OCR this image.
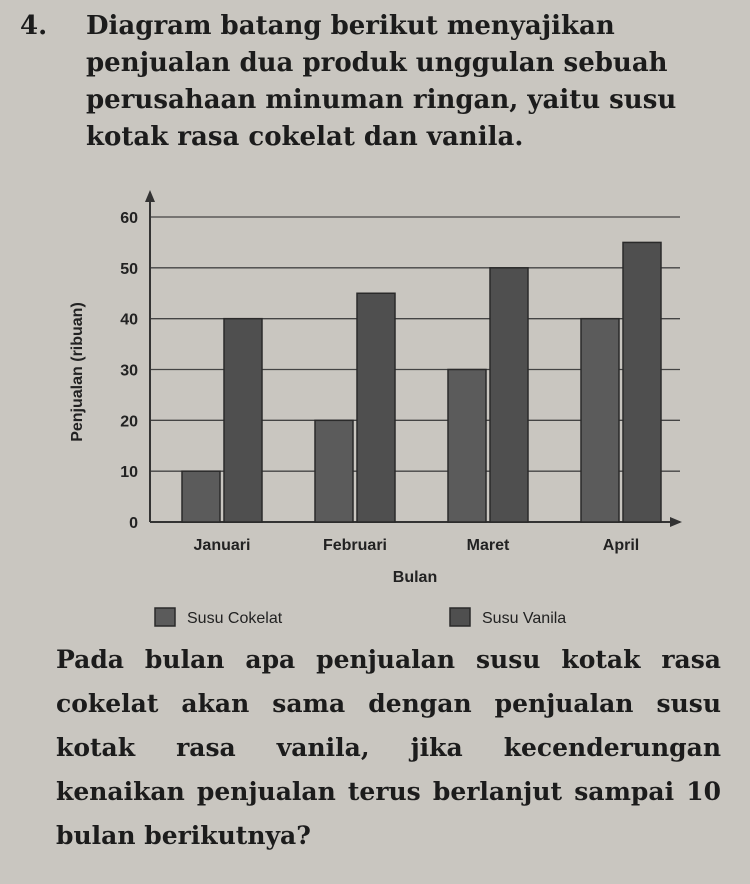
4. Diagram batang berikut menyajikan penjualan dua produk unggulan sebuah perusahaan minuman ringan, yaitu susu kotak rasa cokelat dan vanila.
0
10
20
30
40
50
60
Januari	Februari	Maret	April
Bulan
Penjualan (ribuan)
Susu Cokelat	Susu Vanila
Pada bulan apa penjualan susu kotak rasa cokelat akan sama dengan penjualan susu kotak rasa vanila, jika kecenderungan kenaikan penjualan terus berlanjut sampai 10 bulan berikutnya?
